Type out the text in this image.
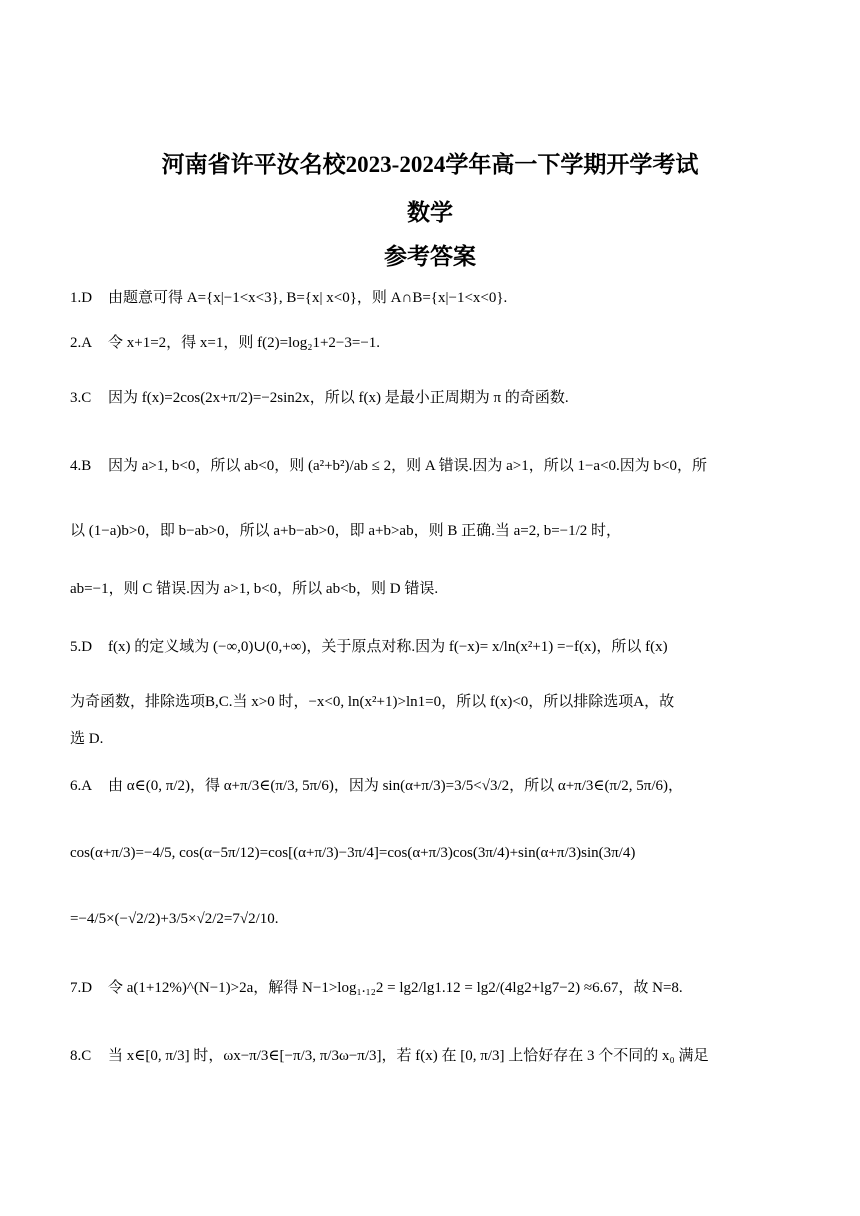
河南省许平汝名校2023-2024学年高一下学期开学考试
数学
参考答案
1.D 由题意可得 A={x|−1<x<3}, B={x| x<0}，则 A∩B={x|−1<x<0}.
2.A 令 x+1=2，得 x=1，则 f(2)=log₂1+2−3=−1.
3.C 因为 f(x)=2cos(2x+π/2)=−2sin2x，所以 f(x) 是最小正周期为 π 的奇函数.
4.B 因为 a>1, b<0，所以 ab<0，则 (a²+b²)/ab ≤ 2，则 A 错误.因为 a>1，所以 1−a<0.因为 b<0，所
以 (1−a)b>0，即 b−ab>0，所以 a+b−ab>0，即 a+b>ab，则 B 正确.当 a=2, b=−1/2 时，
ab=−1，则 C 错误.因为 a>1, b<0，所以 ab<b，则 D 错误.
5.D f(x) 的定义域为 (−∞,0)∪(0,+∞)，关于原点对称.因为 f(−x)= x/ln(x²+1) =−f(x)，所以 f(x)
为奇函数，排除选项B,C.当 x>0 时，−x<0, ln(x²+1)>ln1=0，所以 f(x)<0，所以排除选项A，故
选 D.
6.A 由 α∈(0, π/2)，得 α+π/3∈(π/3, 5π/6)，因为 sin(α+π/3)=3/5<√3/2，所以 α+π/3∈(π/2, 5π/6)，
cos(α+π/3)=−4/5, cos(α−5π/12)=cos[(α+π/3)−3π/4]=cos(α+π/3)cos(3π/4)+sin(α+π/3)sin(3π/4)
=−4/5×(−√2/2)+3/5×√2/2=7√2/10.
7.D 令 a(1+12%)^(N−1)>2a，解得 N−1>log₁.₁₂2 = lg2/lg1.12 = lg2/(4lg2+lg7−2) ≈6.67，故 N=8.
8.C 当 x∈[0, π/3] 时，ωx−π/3∈[−π/3, π/3ω−π/3]，若 f(x) 在 [0, π/3] 上恰好存在 3 个不同的 x₀ 满足
